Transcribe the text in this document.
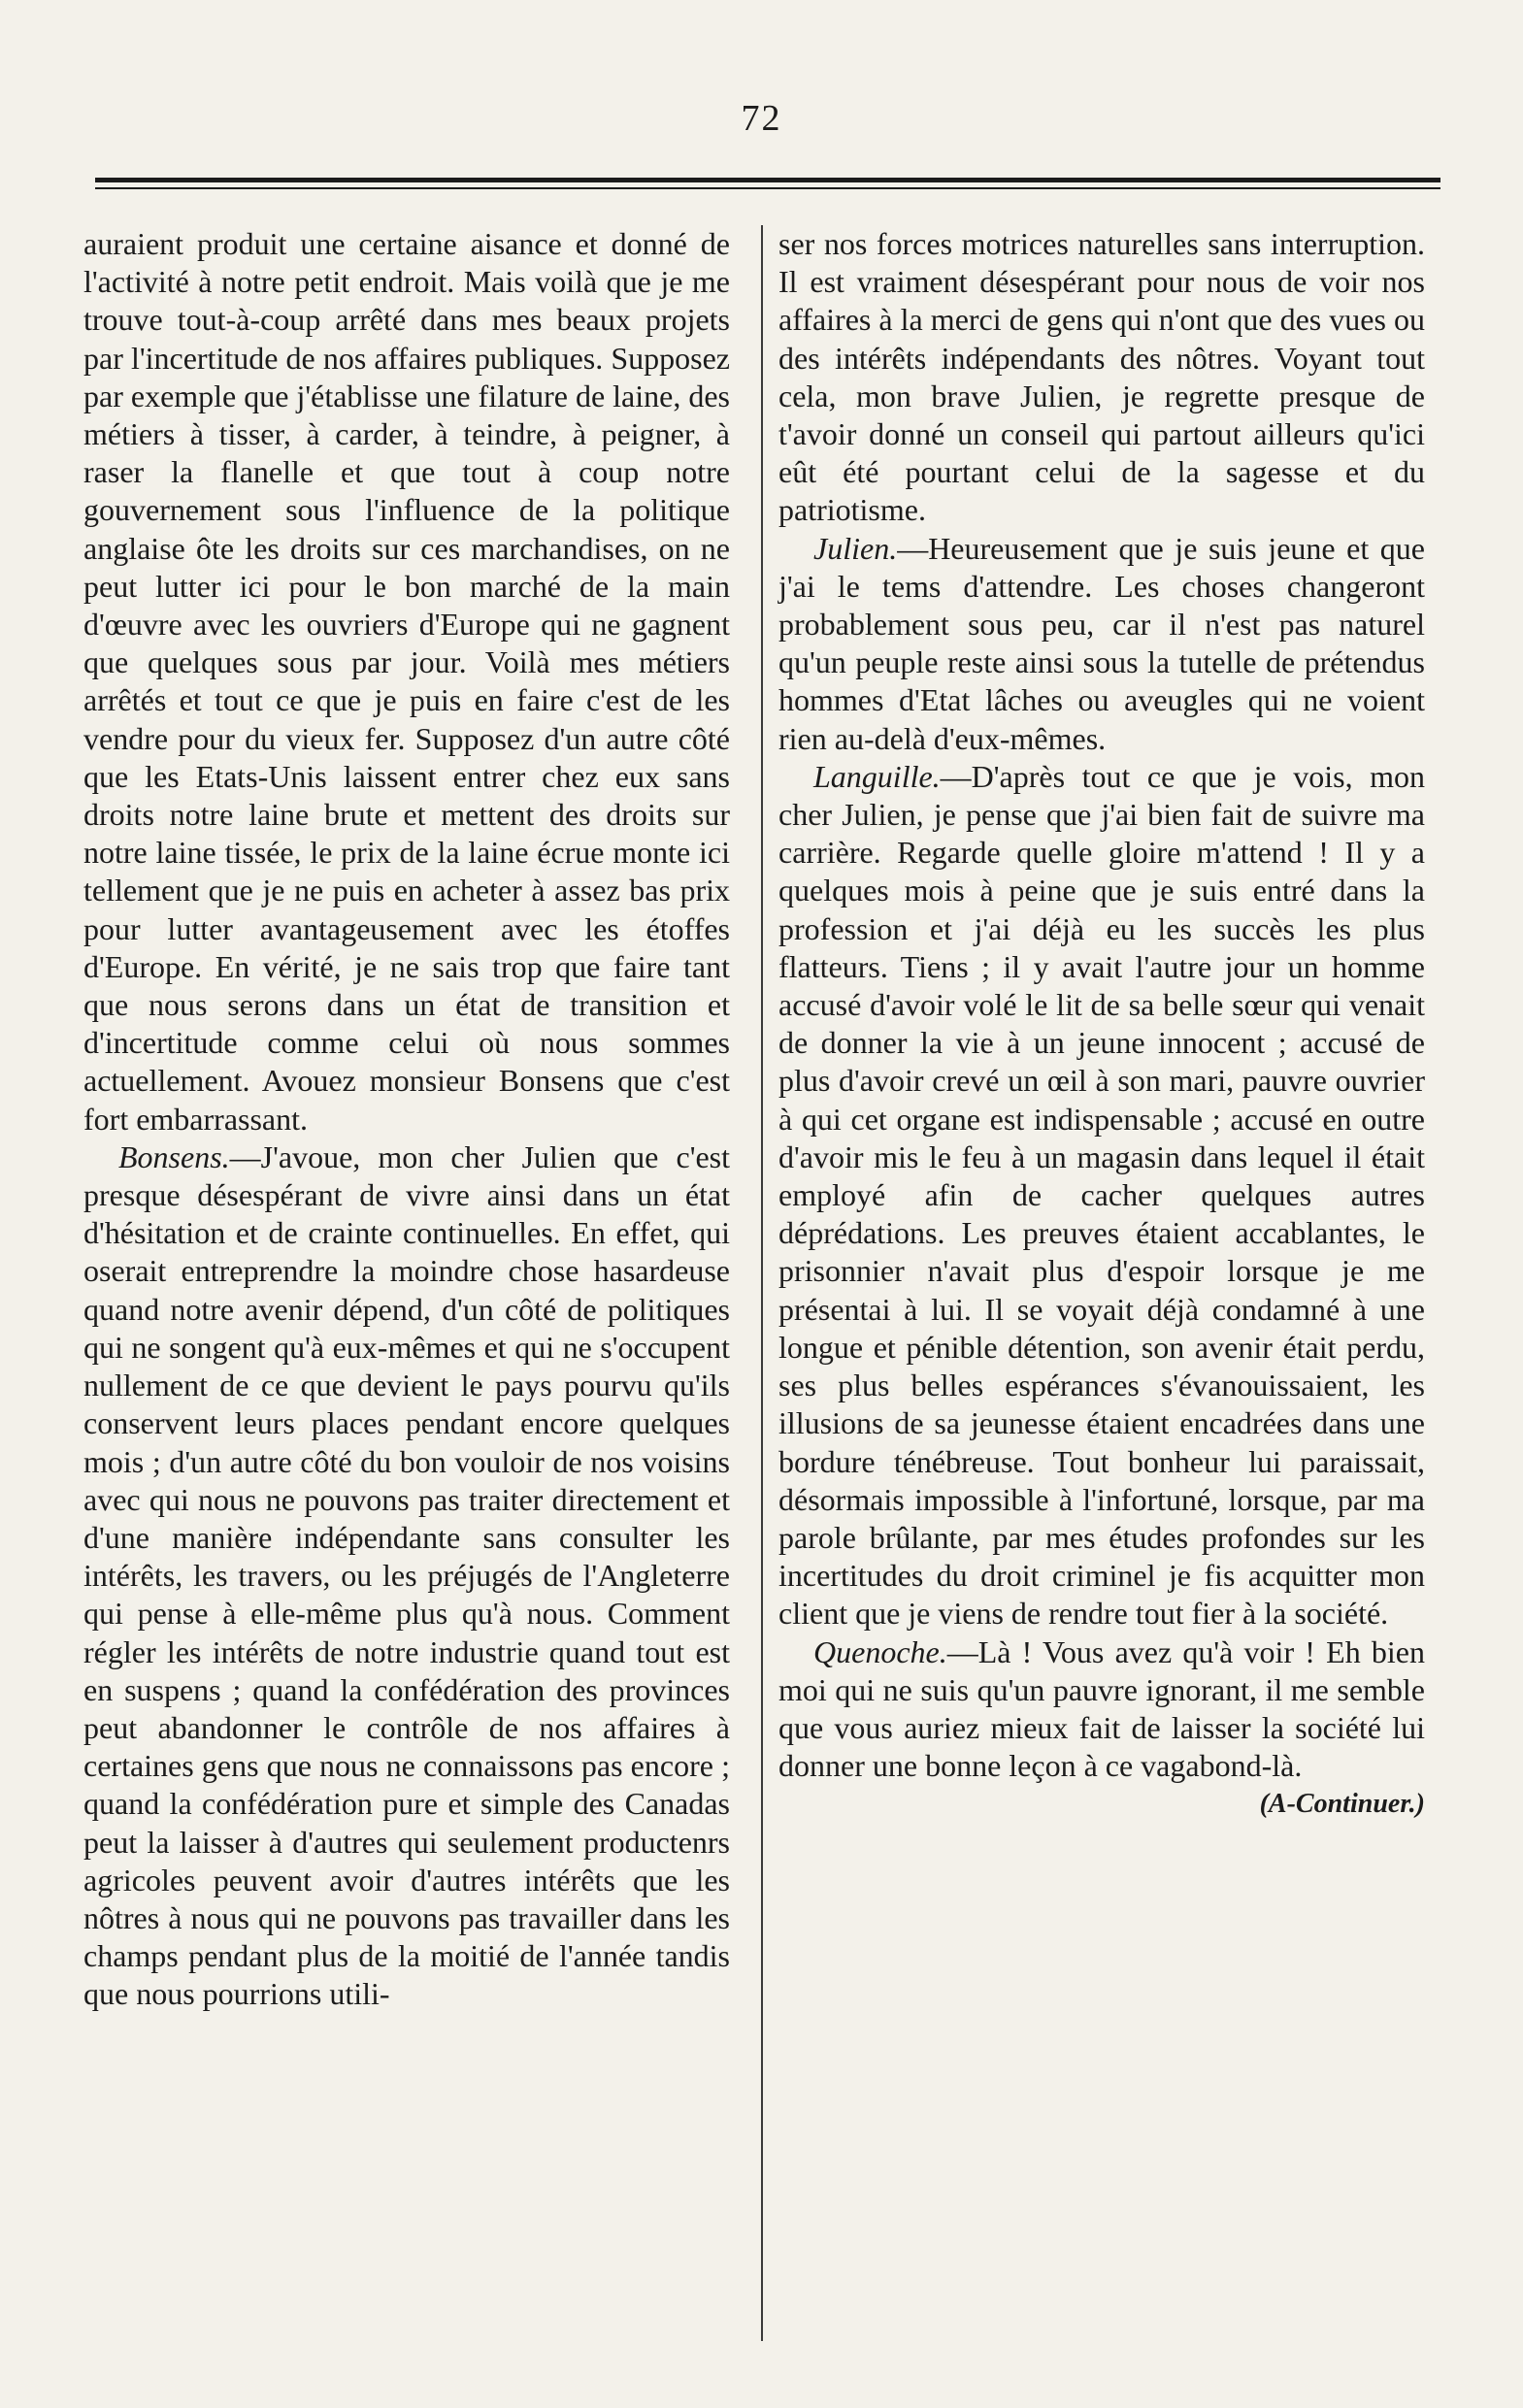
72

auraient produit une certaine aisance et donné de l'activité à notre petit endroit. Mais voilà que je me trouve tout-à-coup arrêté dans mes beaux projets par l'incertitude de nos affaires publiques. Supposez par exemple que j'établisse une filature de laine, des métiers à tisser, à carder, à teindre, à peigner, à raser la flanelle et que tout à coup notre gouvernement sous l'influence de la politique anglaise ôte les droits sur ces marchandises, on ne peut lutter ici pour le bon marché de la main d'œuvre avec les ouvriers d'Europe qui ne gagnent que quelques sous par jour. Voilà mes métiers arrêtés et tout ce que je puis en faire c'est de les vendre pour du vieux fer. Supposez d'un autre côté que les Etats-Unis laissent entrer chez eux sans droits notre laine brute et mettent des droits sur notre laine tissée, le prix de la laine écrue monte ici tellement que je ne puis en acheter à assez bas prix pour lutter avantageusement avec les étoffes d'Europe. En vérité, je ne sais trop que faire tant que nous serons dans un état de transition et d'incertitude comme celui où nous sommes actuellement. Avouez monsieur Bonsens que c'est fort embarrassant.

Bonsens.—J'avoue, mon cher Julien que c'est presque désespérant de vivre ainsi dans un état d'hésitation et de crainte continuelles. En effet, qui oserait entreprendre la moindre chose hasardeuse quand notre avenir dépend, d'un côté de politiques qui ne songent qu'à eux-mêmes et qui ne s'occupent nullement de ce que devient le pays pourvu qu'ils conservent leurs places pendant encore quelques mois ; d'un autre côté du bon vouloir de nos voisins avec qui nous ne pouvons pas traiter directement et d'une manière indépendante sans consulter les intérêts, les travers, ou les préjugés de l'Angleterre qui pense à elle-même plus qu'à nous. Comment régler les intérêts de notre industrie quand tout est en suspens ; quand la confédération des provinces peut abandonner le contrôle de nos affaires à certaines gens que nous ne connaissons pas encore ; quand la confédération pure et simple des Canadas peut la laisser à d'autres qui seulement productenrs agricoles peuvent avoir d'autres intérêts que les nôtres à nous qui ne pouvons pas travailler dans les champs pendant plus de la moitié de l'année tandis que nous pourrions utili-

ser nos forces motrices naturelles sans interruption. Il est vraiment désespérant pour nous de voir nos affaires à la merci de gens qui n'ont que des vues ou des intérêts indépendants des nôtres. Voyant tout cela, mon brave Julien, je regrette presque de t'avoir donné un conseil qui partout ailleurs qu'ici eût été pourtant celui de la sagesse et du patriotisme.

Julien.—Heureusement que je suis jeune et que j'ai le tems d'attendre. Les choses changeront probablement sous peu, car il n'est pas naturel qu'un peuple reste ainsi sous la tutelle de prétendus hommes d'Etat lâches ou aveugles qui ne voient rien au-delà d'eux-mêmes.

Languille.—D'après tout ce que je vois, mon cher Julien, je pense que j'ai bien fait de suivre ma carrière. Regarde quelle gloire m'attend ! Il y a quelques mois à peine que je suis entré dans la profession et j'ai déjà eu les succès les plus flatteurs. Tiens ; il y avait l'autre jour un homme accusé d'avoir volé le lit de sa belle sœur qui venait de donner la vie à un jeune innocent ; accusé de plus d'avoir crevé un œil à son mari, pauvre ouvrier à qui cet organe est indispensable ; accusé en outre d'avoir mis le feu à un magasin dans lequel il était employé afin de cacher quelques autres déprédations. Les preuves étaient accablantes, le prisonnier n'avait plus d'espoir lorsque je me présentai à lui. Il se voyait déjà condamné à une longue et pénible détention, son avenir était perdu, ses plus belles espérances s'évanouissaient, les illusions de sa jeunesse étaient encadrées dans une bordure ténébreuse. Tout bonheur lui paraissait, désormais impossible à l'infortuné, lorsque, par ma parole brûlante, par mes études profondes sur les incertitudes du droit criminel je fis acquitter mon client que je viens de rendre tout fier à la société.

Quenoche.—Là ! Vous avez qu'à voir ! Eh bien moi qui ne suis qu'un pauvre ignorant, il me semble que vous auriez mieux fait de laisser la société lui donner une bonne leçon à ce vagabond-là.

(A-Continuer.)
